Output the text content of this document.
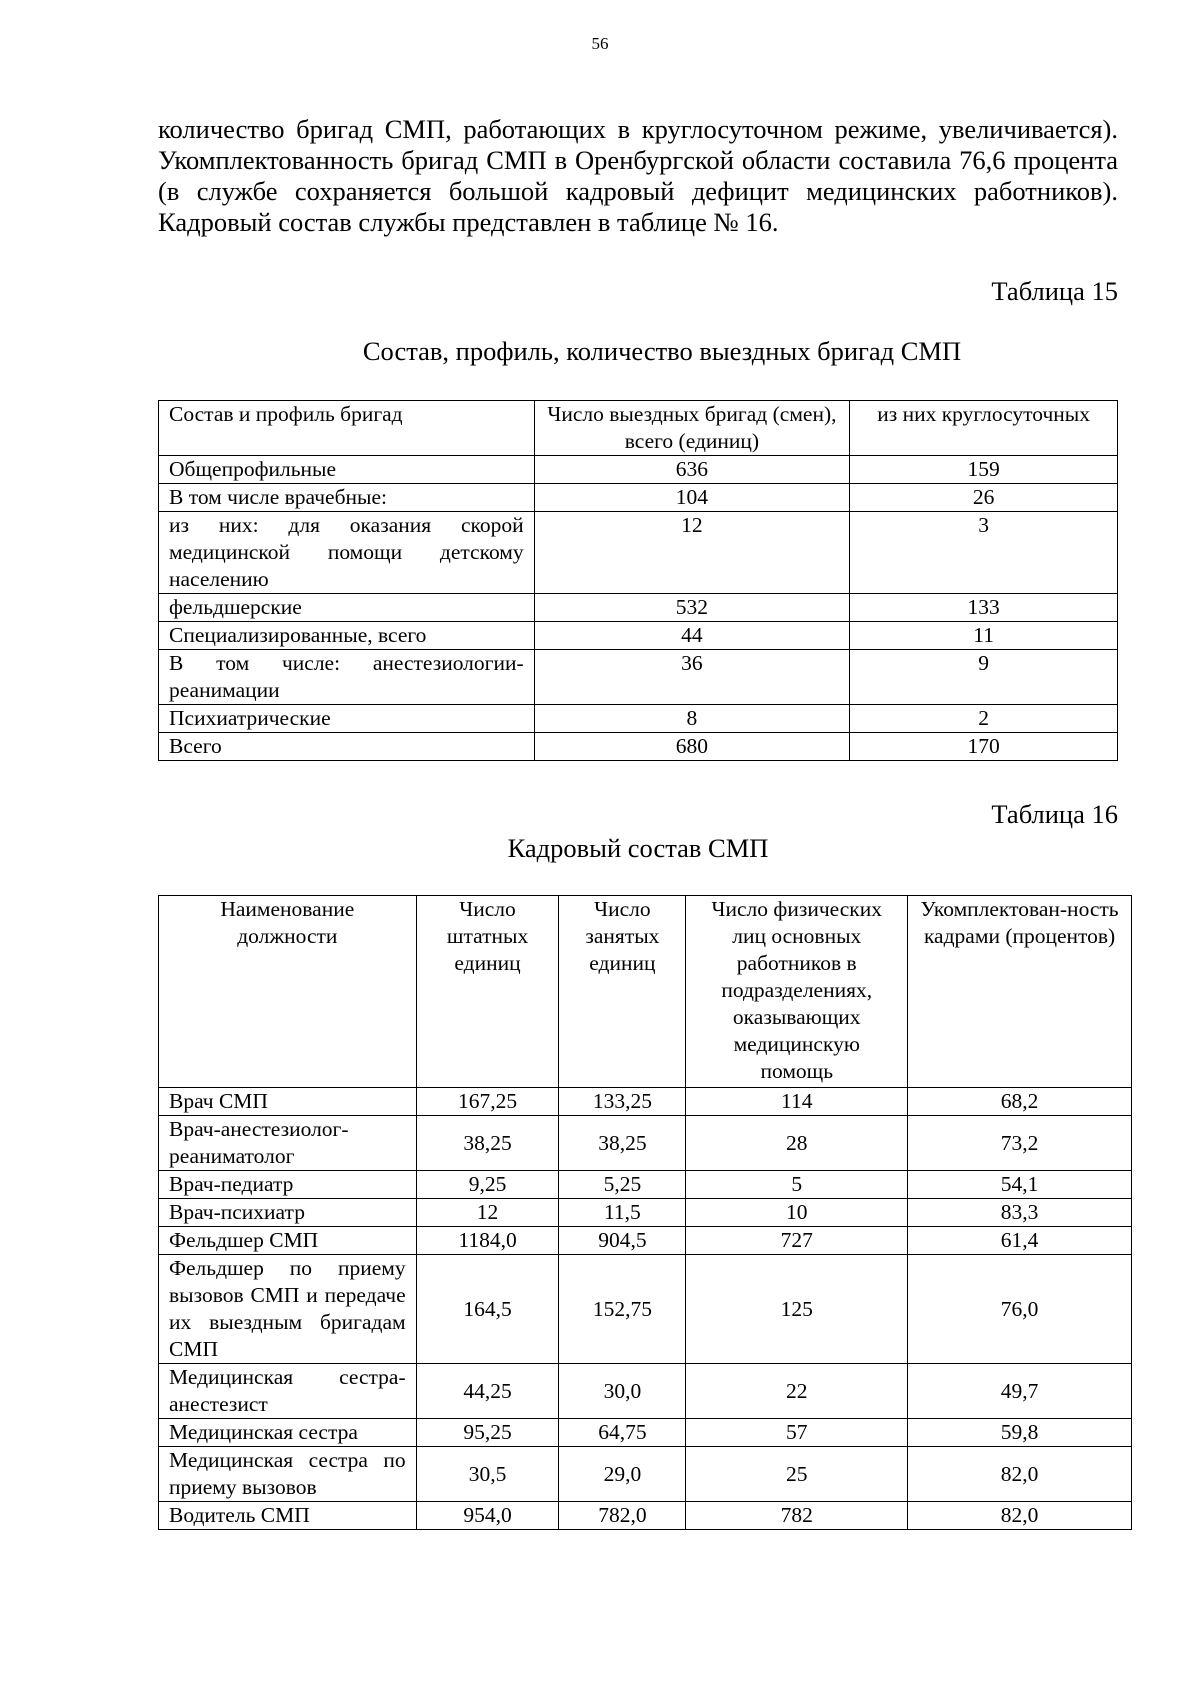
56

количество бригад СМП, работающих в круглосуточном режиме, увеличивается). Укомплектованность бригад СМП в Оренбургской области составила 76,6 процента (в службе сохраняется большой кадровый дефицит медицинских работников). Кадровый состав службы представлен в таблице № 16.

Таблица 15
Состав, профиль, количество выездных бригад СМП
Состав и профиль бригад	Число выездных бригад (смен), всего (единиц)	из них круглосуточных
Общепрофильные	636	159
В том числе врачебные:	104	26
из них: для оказания скорой медицинской помощи детскому населению	12	3
фельдшерские	532	133
Специализированные, всего	44	11
В том числе: анестезиологии-реанимации	36	9
Психиатрические	8	2
Всего	680	170
Таблица 16
Кадровый состав СМП
Наименование должности	Число штатных единиц	Число занятых единиц	Число физических лиц основных работников в подразделениях, оказывающих медицинскую помощь	Укомплектован-ность кадрами (процентов)
Врач СМП	167,25	133,25	114	68,2
Врач-анестезиолог-реаниматолог	38,25	38,25	28	73,2
Врач-педиатр	9,25	5,25	5	54,1
Врач-психиатр	12	11,5	10	83,3
Фельдшер СМП	1184,0	904,5	727	61,4
Фельдшер по приему вызовов СМП и передаче их выездным бригадам СМП	164,5	152,75	125	76,0
Медицинская сестра-анестезист	44,25	30,0	22	49,7
Медицинская сестра	95,25	64,75	57	59,8
Медицинская сестра по приему вызовов	30,5	29,0	25	82,0
Водитель СМП	954,0	782,0	782	82,0
